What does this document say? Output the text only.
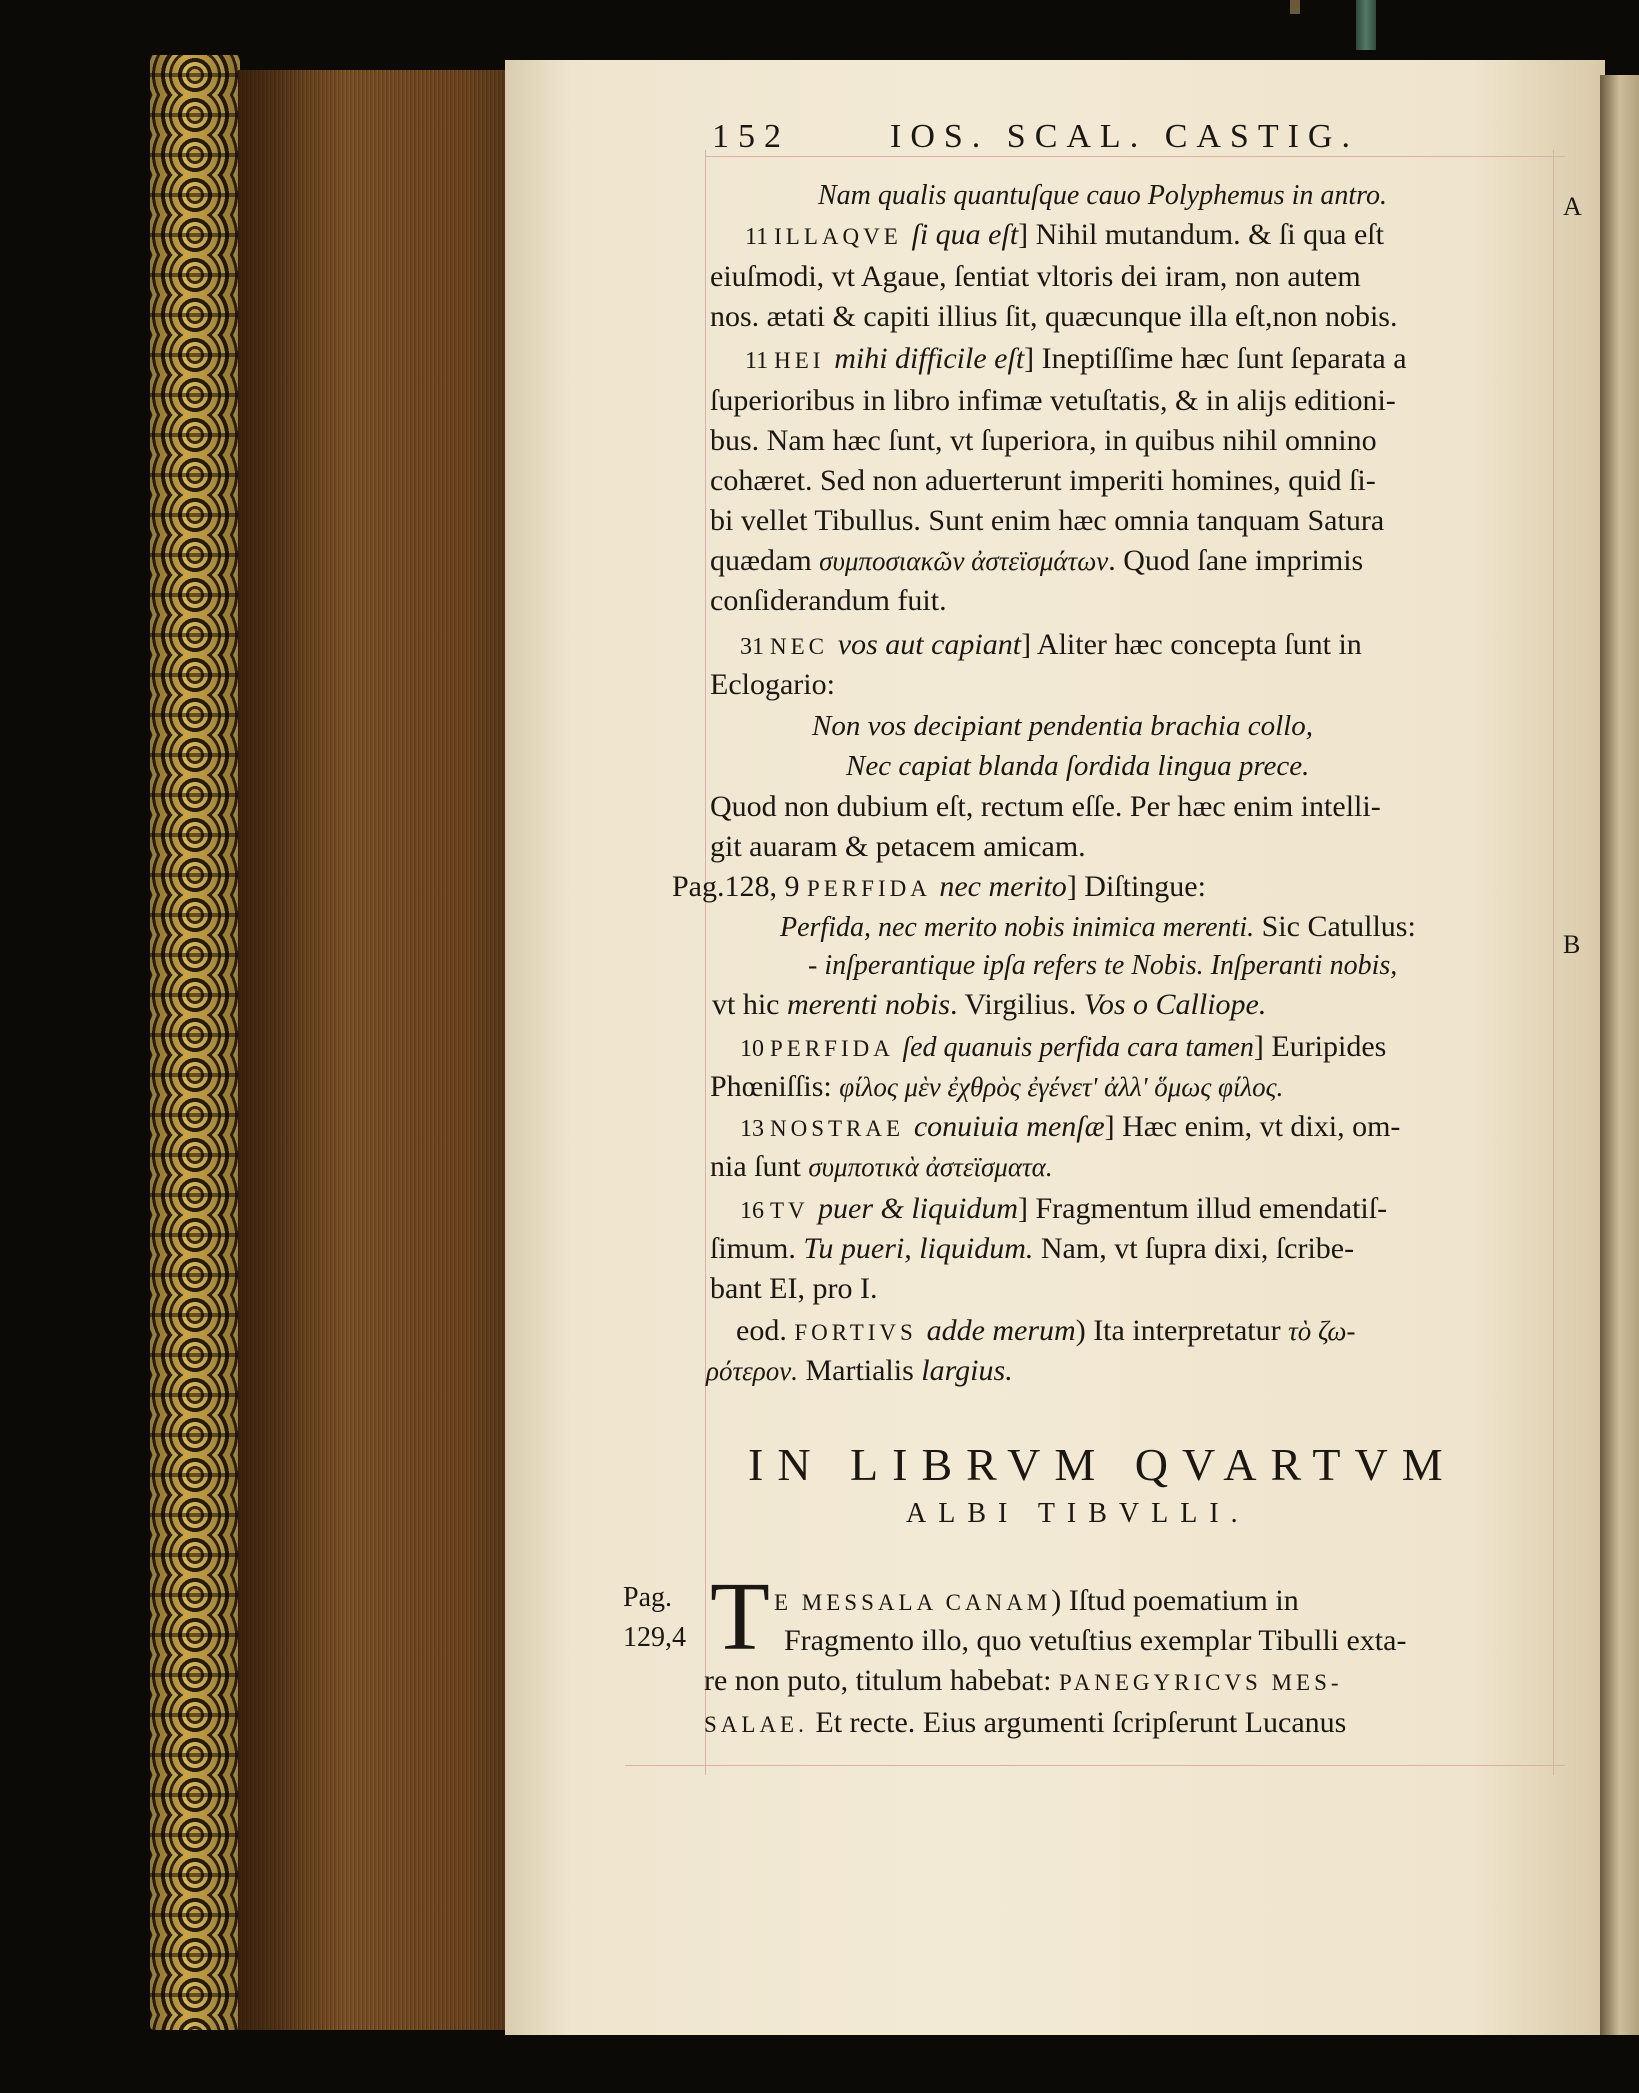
152	IOS. SCAL. CASTIG.
A
B
Nam qualis quantuſque cauo Polyphemus in antro.
11 ILLAQVE ſi qua eſt] Nihil mutandum. & ſi qua eſt
eiuſmodi, vt Agaue, ſentiat vltoris dei iram, non autem
nos. ætati & capiti illius ſit, quæcunque illa eſt,non nobis.
11 HEI mihi difficile eſt] Ineptiſſime hæc ſunt ſeparata a
ſuperioribus in libro infimæ vetuſtatis, & in alijs editioni-
bus. Nam hæc ſunt, vt ſuperiora, in quibus nihil omnino
cohæret. Sed non aduerterunt imperiti homines, quid ſi-
bi vellet Tibullus. Sunt enim hæc omnia tanquam Satura
quædam συμποσιακῶν ἀστεϊσμάτων. Quod ſane imprimis
conſiderandum fuit.
31 NEC vos aut capiant] Aliter hæc concepta ſunt in
Eclogario:
Non vos decipiant pendentia brachia collo,
Nec capiat blanda ſordida lingua prece.
Quod non dubium eſt, rectum eſſe. Per hæc enim intelli-
git auaram & petacem amicam.
Pag.128, 9 PERFIDA nec merito] Diſtingue:
Perfida, nec merito nobis inimica merenti. Sic Catullus:
- inſperantique ipſa refers te Nobis. Inſperanti nobis,
vt hic merenti nobis. Virgilius. Vos o Calliope.
10 PERFIDA ſed quanuis perfida cara tamen] Euripides
Phœniſſis: φίλος μὲν ἐχθρὸς ἐγένετ' ἀλλ' ὅμως φίλος.
13 NOSTRAE conuiuia menſæ] Hæc enim, vt dixi, om-
nia ſunt συμποτικὰ ἀστεϊσματα.
16 TV puer & liquidum] Fragmentum illud emendatiſ-
ſimum. Tu pueri, liquidum. Nam, vt ſupra dixi, ſcribe-
bant EI, pro I.
eod. FORTIVS adde merum) Ita interpretatur τὸ ζω-
ρότερον. Martialis largius.
IN LIBRVM QVARTVM
ALBI TIBVLLI.
Pag.
129,4 T E MESSALA CANAM) Iſtud poematium in
Fragmento illo, quo vetuſtius exemplar Tibulli exta-
re non puto, titulum habebat: PANEGYRICVS MES-
SALAE. Et recte. Eius argumenti ſcripſerunt Lucanus
